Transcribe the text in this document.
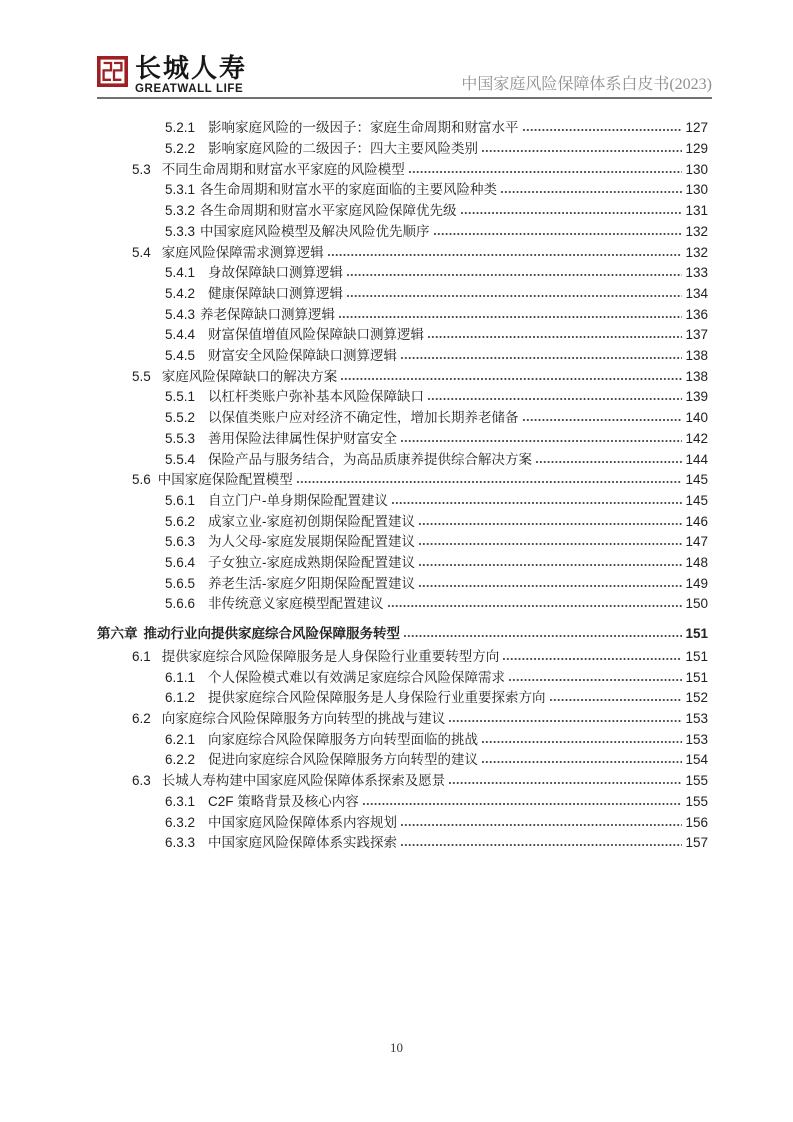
长城人寿
GREATWALL LIFE	中国家庭风险保障体系白皮书(2023)
5.2.1 影响家庭风险的一级因子：家庭生命周期和财富水平	127
5.2.2 影响家庭风险的二级因子：四大主要风险类别	129
5.3 不同生命周期和财富水平家庭的风险模型	130
5.3.1 各生命周期和财富水平的家庭面临的主要风险种类	130
5.3.2 各生命周期和财富水平家庭风险保障优先级	131
5.3.3 中国家庭风险模型及解决风险优先顺序	132
5.4 家庭风险保障需求测算逻辑	132
5.4.1 身故保障缺口测算逻辑	133
5.4.2 健康保障缺口测算逻辑	134
5.4.3 养老保障缺口测算逻辑	136
5.4.4 财富保值增值风险保障缺口测算逻辑	137
5.4.5 财富安全风险保障缺口测算逻辑	138
5.5 家庭风险保障缺口的解决方案	138
5.5.1 以杠杆类账户弥补基本风险保障缺口	139
5.5.2 以保值类账户应对经济不确定性，增加长期养老储备	140
5.5.3 善用保险法律属性保护财富安全	142
5.5.4 保险产品与服务结合，为高品质康养提供综合解决方案	144
5.6 中国家庭保险配置模型	145
5.6.1 自立门户-单身期保险配置建议	145
5.6.2 成家立业-家庭初创期保险配置建议	146
5.6.3 为人父母-家庭发展期保险配置建议	147
5.6.4 子女独立-家庭成熟期保险配置建议	148
5.6.5 养老生活-家庭夕阳期保险配置建议	149
5.6.6 非传统意义家庭模型配置建议	150
第六章 推动行业向提供家庭综合风险保障服务转型	151
6.1 提供家庭综合风险保障服务是人身保险行业重要转型方向	151
6.1.1 个人保险模式难以有效满足家庭综合风险保障需求	151
6.1.2 提供家庭综合风险保障服务是人身保险行业重要探索方向	152
6.2 向家庭综合风险保障服务方向转型的挑战与建议	153
6.2.1 向家庭综合风险保障服务方向转型面临的挑战	153
6.2.2 促进向家庭综合风险保障服务方向转型的建议	154
6.3 长城人寿构建中国家庭风险保障体系探索及愿景	155
6.3.1 C2F 策略背景及核心内容	155
6.3.2 中国家庭风险保障体系内容规划	156
6.3.3 中国家庭风险保障体系实践探索	157
10
